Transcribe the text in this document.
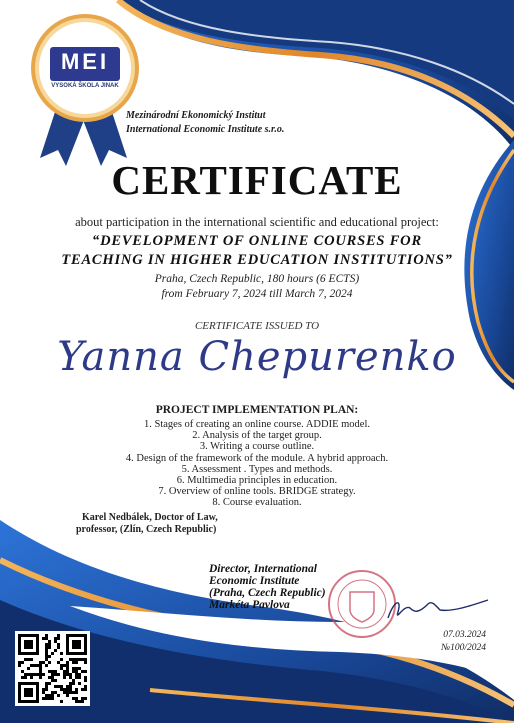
VYSOKÁ ŠKOLA JINAK
MEI
Mezinárodní Ekonomický Institut
International Economic Institute s.r.o.
CERTIFICATE
about participation in the international scientific and educational project:
“DEVELOPMENT OF ONLINE COURSES FOR
TEACHING IN HIGHER EDUCATION INSTITUTIONS”
Praha, Czech Republic, 180 hours (6 ECTS)
from February 7, 2024 till March 7, 2024
CERTIFICATE ISSUED TO
Yanna Chepurenko
PROJECT IMPLEMENTATION PLAN:
1. Stages of creating an online course. ADDIE model.
2. Analysis of the target group.
3. Writing a course outline.
4. Design of the framework of the module. A hybrid approach.
5. Assessment . Types and methods.
6. Multimedia principles in education.
7. Overview of online tools. BRIDGE strategy.
8. Course evaluation.
Karel Nedbálek, Doctor of Law,
professor, (Zlín, Czech Republic)
Director, International
Economic Institute
(Praha, Czech Republic)
Markéta Pavlova
07.03.2024
№100/2024
